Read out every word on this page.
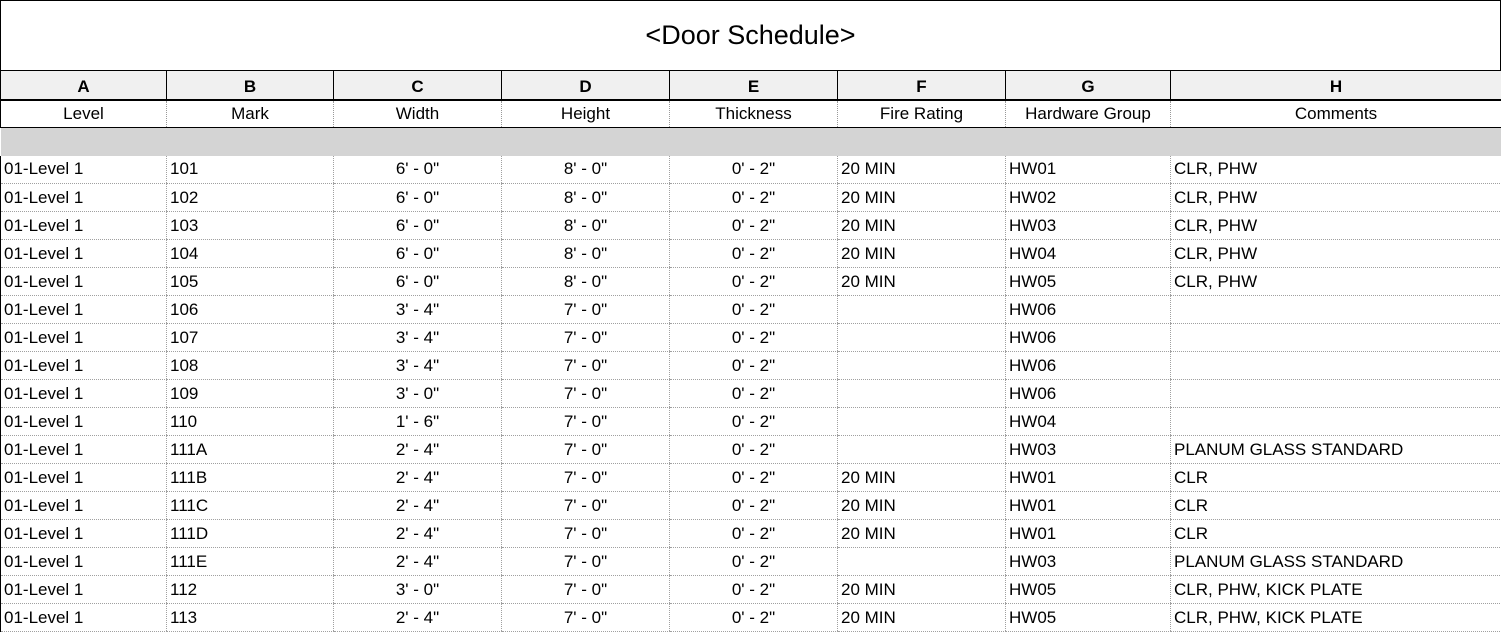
<Door Schedule>
A	B	C	D	E	F	G	H
Level	Mark	Width	Height	Thickness	Fire Rating	Hardware Group	Comments

01-Level 1	101	6' - 0"	8' - 0"	0' - 2"	20 MIN	HW01	CLR, PHW
01-Level 1	102	6' - 0"	8' - 0"	0' - 2"	20 MIN	HW02	CLR, PHW
01-Level 1	103	6' - 0"	8' - 0"	0' - 2"	20 MIN	HW03	CLR, PHW
01-Level 1	104	6' - 0"	8' - 0"	0' - 2"	20 MIN	HW04	CLR, PHW
01-Level 1	105	6' - 0"	8' - 0"	0' - 2"	20 MIN	HW05	CLR, PHW
01-Level 1	106	3' - 4"	7' - 0"	0' - 2"		HW06	
01-Level 1	107	3' - 4"	7' - 0"	0' - 2"		HW06	
01-Level 1	108	3' - 4"	7' - 0"	0' - 2"		HW06	
01-Level 1	109	3' - 0"	7' - 0"	0' - 2"		HW06	
01-Level 1	110	1' - 6"	7' - 0"	0' - 2"		HW04	
01-Level 1	111A	2' - 4"	7' - 0"	0' - 2"		HW03	PLANUM GLASS STANDARD
01-Level 1	111B	2' - 4"	7' - 0"	0' - 2"	20 MIN	HW01	CLR
01-Level 1	111C	2' - 4"	7' - 0"	0' - 2"	20 MIN	HW01	CLR
01-Level 1	111D	2' - 4"	7' - 0"	0' - 2"	20 MIN	HW01	CLR
01-Level 1	111E	2' - 4"	7' - 0"	0' - 2"		HW03	PLANUM GLASS STANDARD
01-Level 1	112	3' - 0"	7' - 0"	0' - 2"	20 MIN	HW05	CLR, PHW, KICK PLATE
01-Level 1	113	2' - 4"	7' - 0"	0' - 2"	20 MIN	HW05	CLR, PHW, KICK PLATE
